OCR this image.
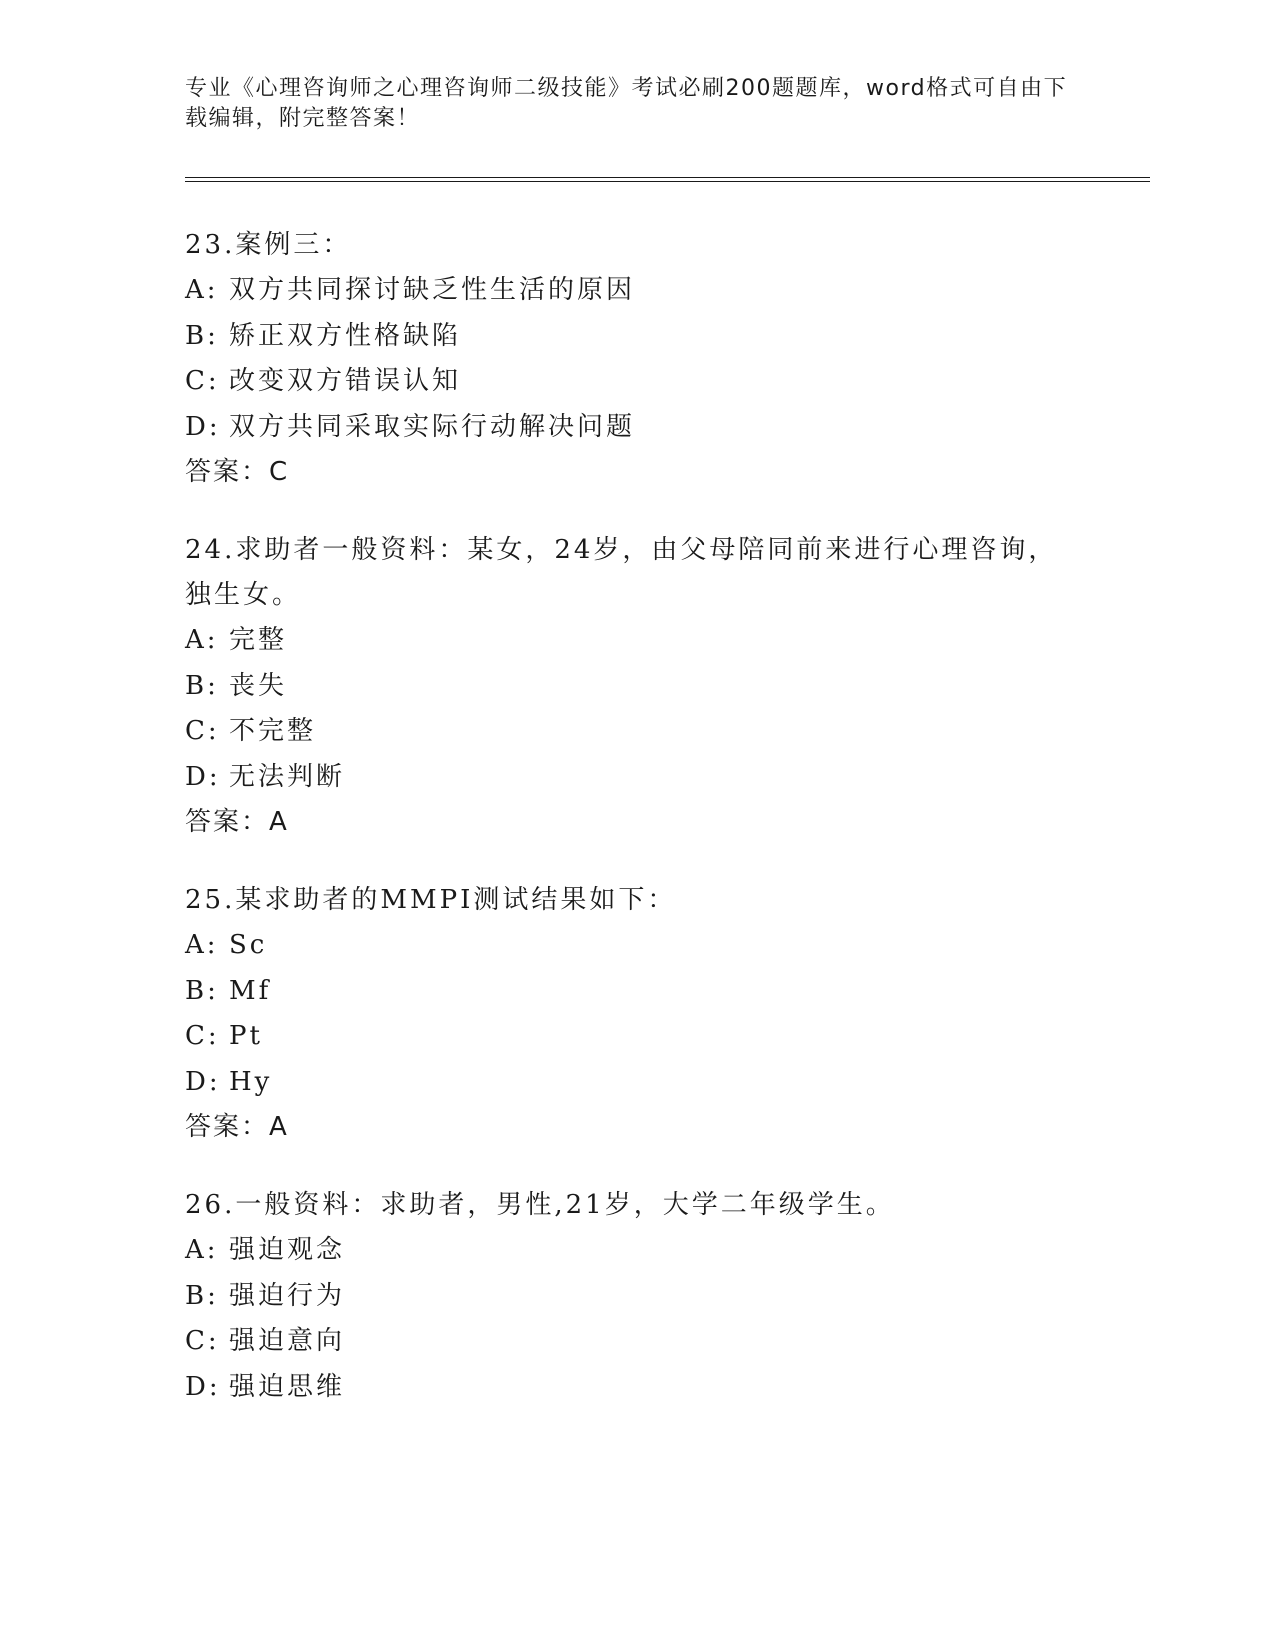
专业《心理咨询师之心理咨询师二级技能》考试必刷200题题库，word格式可自由下载编辑，附完整答案！

23.案例三：

A: 双方共同探讨缺乏性生活的原因

B: 矫正双方性格缺陷

C: 改变双方错误认知

D: 双方共同采取实际行动解决问题

答案：C

24.求助者一般资料：某女，24岁，由父母陪同前来进行心理咨询，独生女。

A: 完整

B: 丧失

C: 不完整

D: 无法判断

答案：A

25.某求助者的MMPI测试结果如下：

A: Sc

B: Mf

C: Pt

D: Hy

答案：A

26.一般资料：求助者，男性,21岁，大学二年级学生。

A: 强迫观念

B: 强迫行为

C: 强迫意向

D: 强迫思维
